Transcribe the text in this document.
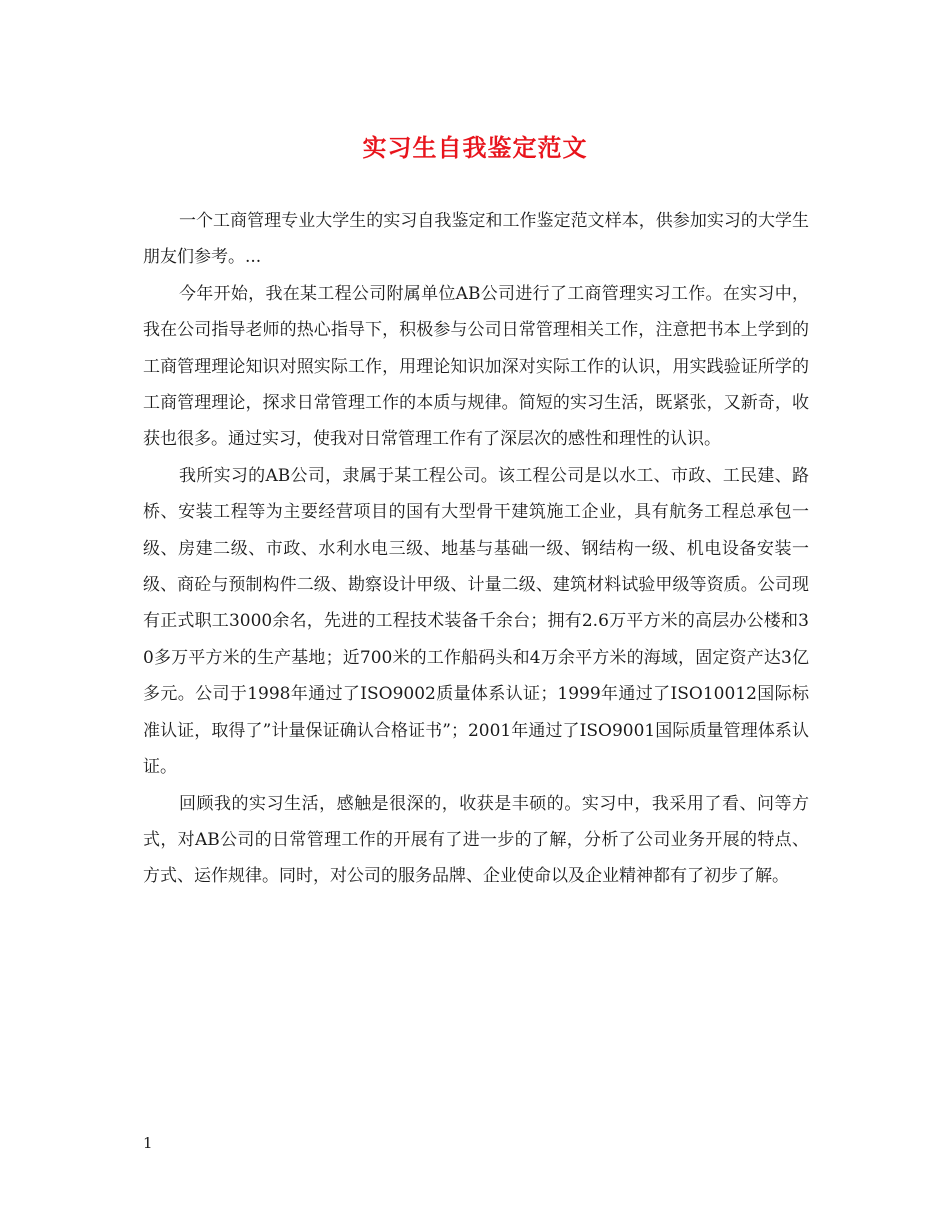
实习生自我鉴定范文

一个工商管理专业大学生的实习自我鉴定和工作鉴定范文样本，供参加实习的大学生朋友们参考。...

今年开始，我在某工程公司附属单位AB公司进行了工商管理实习工作。在实习中，我在公司指导老师的热心指导下，积极参与公司日常管理相关工作，注意把书本上学到的工商管理理论知识对照实际工作，用理论知识加深对实际工作的认识，用实践验证所学的工商管理理论，探求日常管理工作的本质与规律。简短的实习生活，既紧张，又新奇，收获也很多。通过实习，使我对日常管理工作有了深层次的感性和理性的认识。

我所实习的AB公司，隶属于某工程公司。该工程公司是以水工、市政、工民建、路桥、安装工程等为主要经营项目的国有大型骨干建筑施工企业，具有航务工程总承包一级、房建二级、市政、水利水电三级、地基与基础一级、钢结构一级、机电设备安装一级、商砼与预制构件二级、勘察设计甲级、计量二级、建筑材料试验甲级等资质。公司现有正式职工3000余名，先进的工程技术装备千余台；拥有2.6万平方米的高层办公楼和30多万平方米的生产基地；近700米的工作船码头和4万余平方米的海域，固定资产达3亿多元。公司于1998年通过了ISO9002质量体系认证；1999年通过了ISO10012国际标准认证，取得了”计量保证确认合格证书”；2001年通过了ISO9001国际质量管理体系认证。

回顾我的实习生活，感触是很深的，收获是丰硕的。实习中，我采用了看、问等方式，对AB公司的日常管理工作的开展有了进一步的了解，分析了公司业务开展的特点、方式、运作规律。同时，对公司的服务品牌、企业使命以及企业精神都有了初步了解。

1
